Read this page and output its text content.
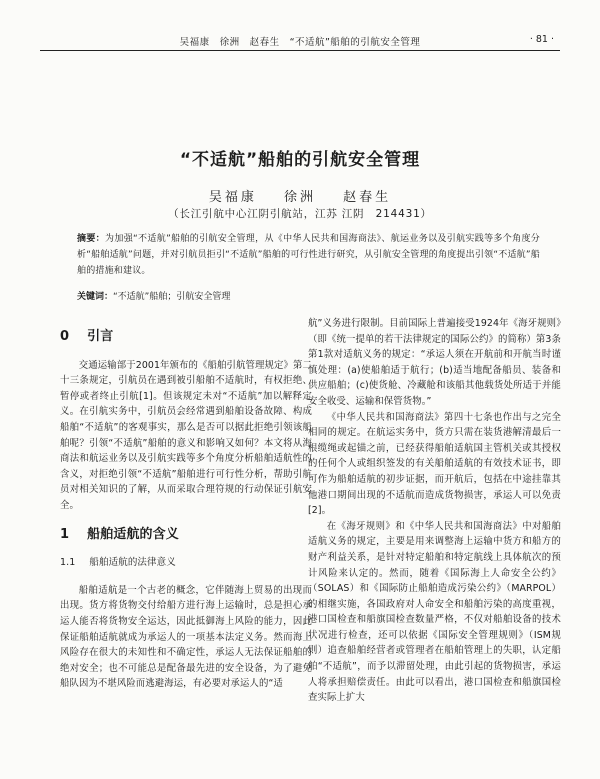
吴福康　徐洲　赵春生　“不适航”船舶的引航安全管理	· 81 ·
“不适航”船舶的引航安全管理
吴福康 徐洲 赵春生
（长江引航中心江阴引航站，江苏 江阴　214431）
摘要：为加强“不适航”船舶的引航安全管理，从《中华人民共和国海商法》、航运业务以及引航实践等多个角度分析“船舶适航”问题，并对引航员拒引“不适航”船舶的可行性进行研究，从引航安全管理的角度提出引领“不适航”船舶的措施和建议。
关键词：“不适航”船舶；引航安全管理
0 引言

交通运输部于2001年颁布的《船舶引航管理规定》第二十三条规定，引航员在遇到被引船舶不适航时，有权拒绝、暂停或者终止引航[1]。但该规定未对“不适航”加以解释定义。在引航实务中，引航员会经常遇到船舶设备故障、构成船舶“不适航”的客观事实，那么是否可以据此拒绝引领该船舶呢？引领“不适航”船舶的意义和影响又如何？本文将从海商法和航运业务以及引航实践等多个角度分析船舶适航性的含义，对拒绝引领“不适航”船舶进行可行性分析，帮助引航员对相关知识的了解，从而采取合理符规的行动保证引航安全。

1 船舶适航的含义
1.1 船舶适航的法律意义

船舶适航是一个古老的概念，它伴随海上贸易的出现而出现。货方将货物交付给船方进行海上运输时，总是担心承运人能否将货物安全运达，因此抵御海上风险的能力，因此保证船舶适航就成为承运人的一项基本法定义务。然而海上风险存在很大的未知性和不确定性，承运人无法保证船舶的绝对安全；也不可能总是配备最先进的安全设备，为了避免船队因为不堪风险而逃避海运，有必要对承运人的“适

航”义务进行限制。目前国际上普遍接受1924年《海牙规则》（即《统一提单的若干法律规定的国际公约》的简称）第3条第1款对适航义务的规定：“承运人须在开航前和开航当时谨慎处理：(a)使船舶适于航行；(b)适当地配备船员、装备和供应船舶；(c)使货舱、冷藏舱和该船其他载货处所适于并能安全收受、运输和保管货物。”

《中华人民共和国海商法》第四十七条也作出与之完全相同的规定。在航运实务中，货方只需在装货港解清最后一根缆绳或起锚之前，已经获得船舶适航国主管机关或其授权的任何个人或组织签发的有关船舶适航的有效技术证书，即可作为船舶适航的初步证据，而开航后，包括在中途挂靠其他港口期间出现的不适航而造成货物损害，承运人可以免责[2]。

在《海牙规则》和《中华人民共和国海商法》中对船舶适航义务的规定，主要是用来调整海上运输中货方和船方的财产利益关系，是针对特定船舶和特定航线上具体航次的预计风险来认定的。然而，随着《国际海上人命安全公约》（SOLAS）和《国际防止船舶造成污染公约》（MARPOL）的相继实施，各国政府对人命安全和船舶污染的高度重视，港口国检查和船旗国检查数量严格，不仅对船舶设备的技术状况进行检查，还可以依据《国际安全管理规则》（ISM规则）追查船舶经营者或管理者在船舶管理上的失职，认定船舶“不适航”，而予以滞留处理，由此引起的货物损害，承运人将承担赔偿责任。由此可以看出，港口国检查和船旗国检查实际上扩大
